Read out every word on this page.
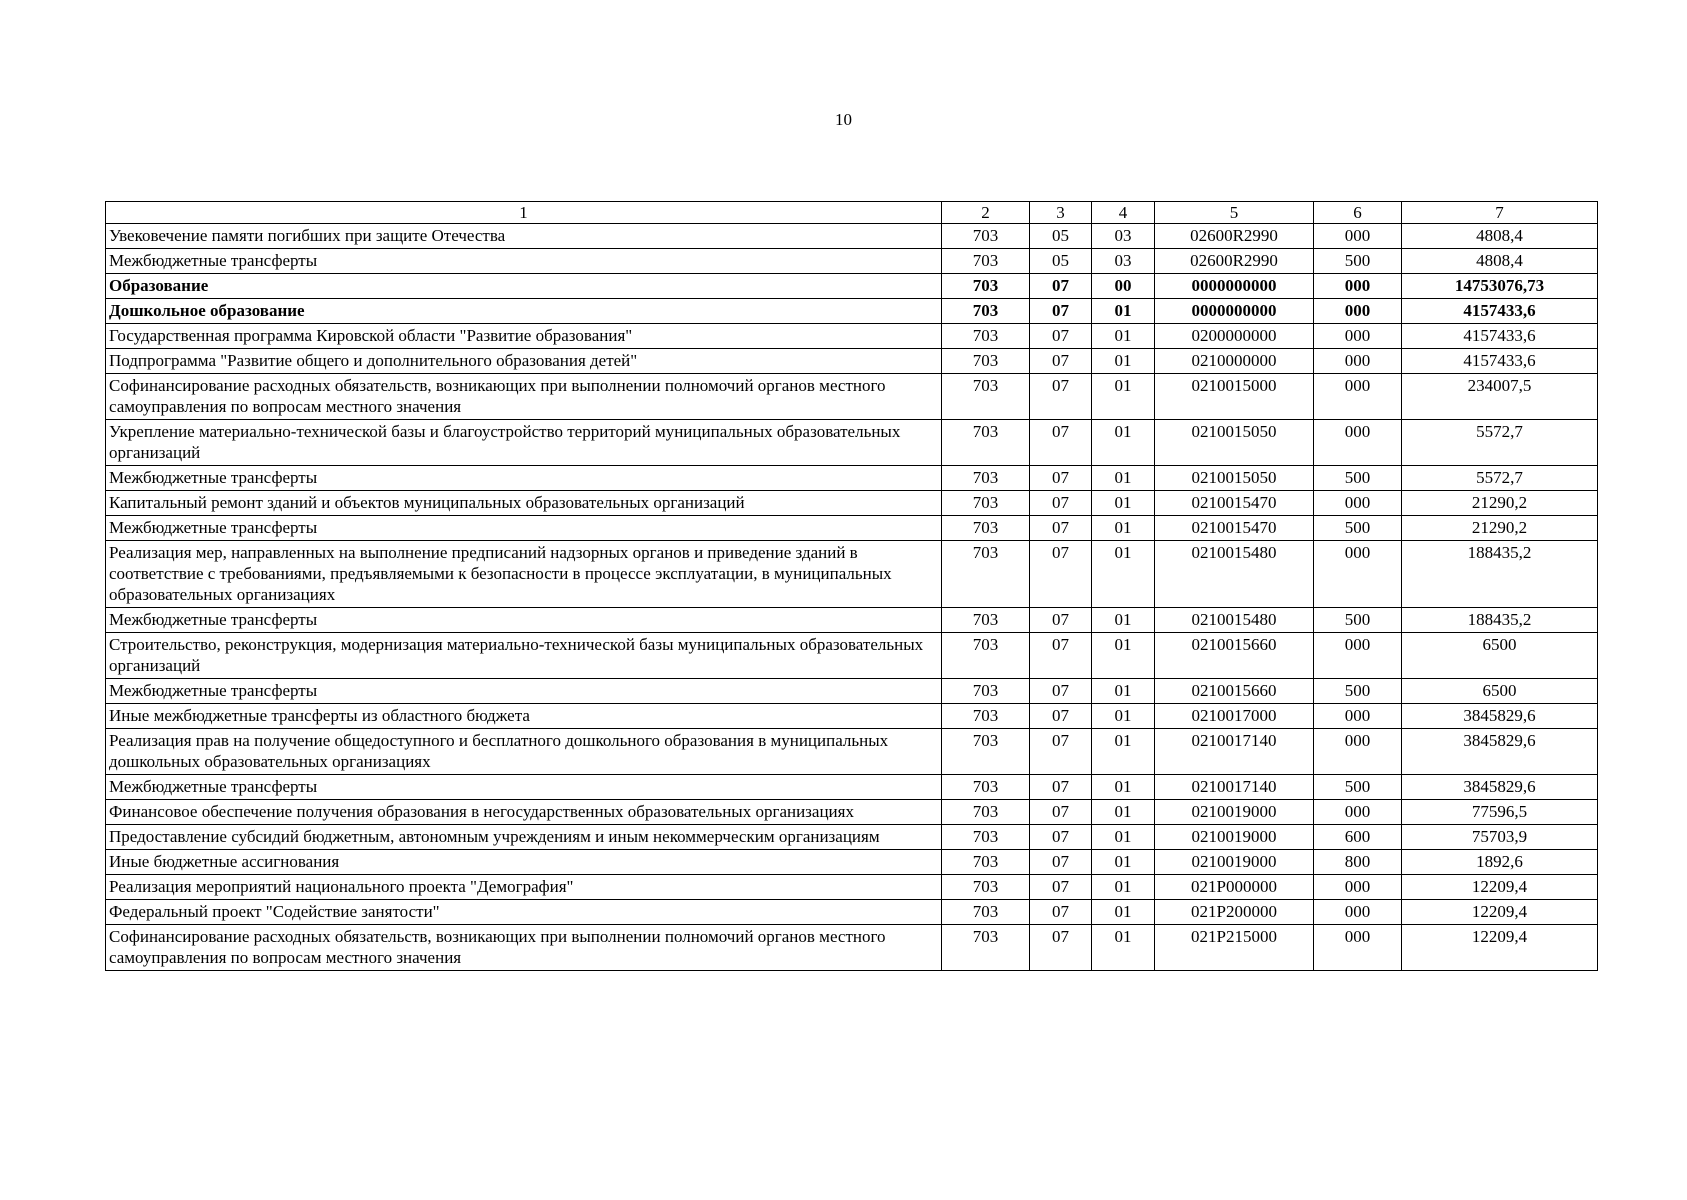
10
1	2	3	4	5	6	7
Увековечение памяти погибших при защите Отечества	703	05	03	02600R2990	000	4808,4
Межбюджетные трансферты	703	05	03	02600R2990	500	4808,4
Образование	703	07	00	0000000000	000	14753076,73
Дошкольное образование	703	07	01	0000000000	000	4157433,6
Государственная программа Кировской области "Развитие образования"	703	07	01	0200000000	000	4157433,6
Подпрограмма "Развитие общего и дополнительного образования детей"	703	07	01	0210000000	000	4157433,6
Софинансирование расходных обязательств, возникающих при выполнении полномочий органов местного самоуправления по вопросам местного значения	703	07	01	0210015000	000	234007,5
Укрепление материально-технической базы и благоустройство территорий муниципальных образовательных организаций	703	07	01	0210015050	000	5572,7
Межбюджетные трансферты	703	07	01	0210015050	500	5572,7
Капитальный ремонт зданий и объектов муниципальных образовательных организаций	703	07	01	0210015470	000	21290,2
Межбюджетные трансферты	703	07	01	0210015470	500	21290,2
Реализация мер, направленных на выполнение предписаний надзорных органов и приведение зданий в соответствие с требованиями, предъявляемыми к безопасности в процессе эксплуатации, в муниципальных образовательных организациях	703	07	01	0210015480	000	188435,2
Межбюджетные трансферты	703	07	01	0210015480	500	188435,2
Строительство, реконструкция, модернизация материально-технической базы муниципальных образовательных организаций	703	07	01	0210015660	000	6500
Межбюджетные трансферты	703	07	01	0210015660	500	6500
Иные межбюджетные трансферты из областного бюджета	703	07	01	0210017000	000	3845829,6
Реализация прав на получение общедоступного и бесплатного дошкольного образования в муниципальных дошкольных образовательных организациях	703	07	01	0210017140	000	3845829,6
Межбюджетные трансферты	703	07	01	0210017140	500	3845829,6
Финансовое обеспечение получения образования в негосударственных образовательных организациях	703	07	01	0210019000	000	77596,5
Предоставление субсидий бюджетным, автономным учреждениям и иным некоммерческим организациям	703	07	01	0210019000	600	75703,9
Иные бюджетные ассигнования	703	07	01	0210019000	800	1892,6
Реализация мероприятий национального проекта "Демография"	703	07	01	021P000000	000	12209,4
Федеральный проект "Содействие занятости"	703	07	01	021P200000	000	12209,4
Софинансирование расходных обязательств, возникающих при выполнении полномочий органов местного самоуправления по вопросам местного значения	703	07	01	021P215000	000	12209,4
